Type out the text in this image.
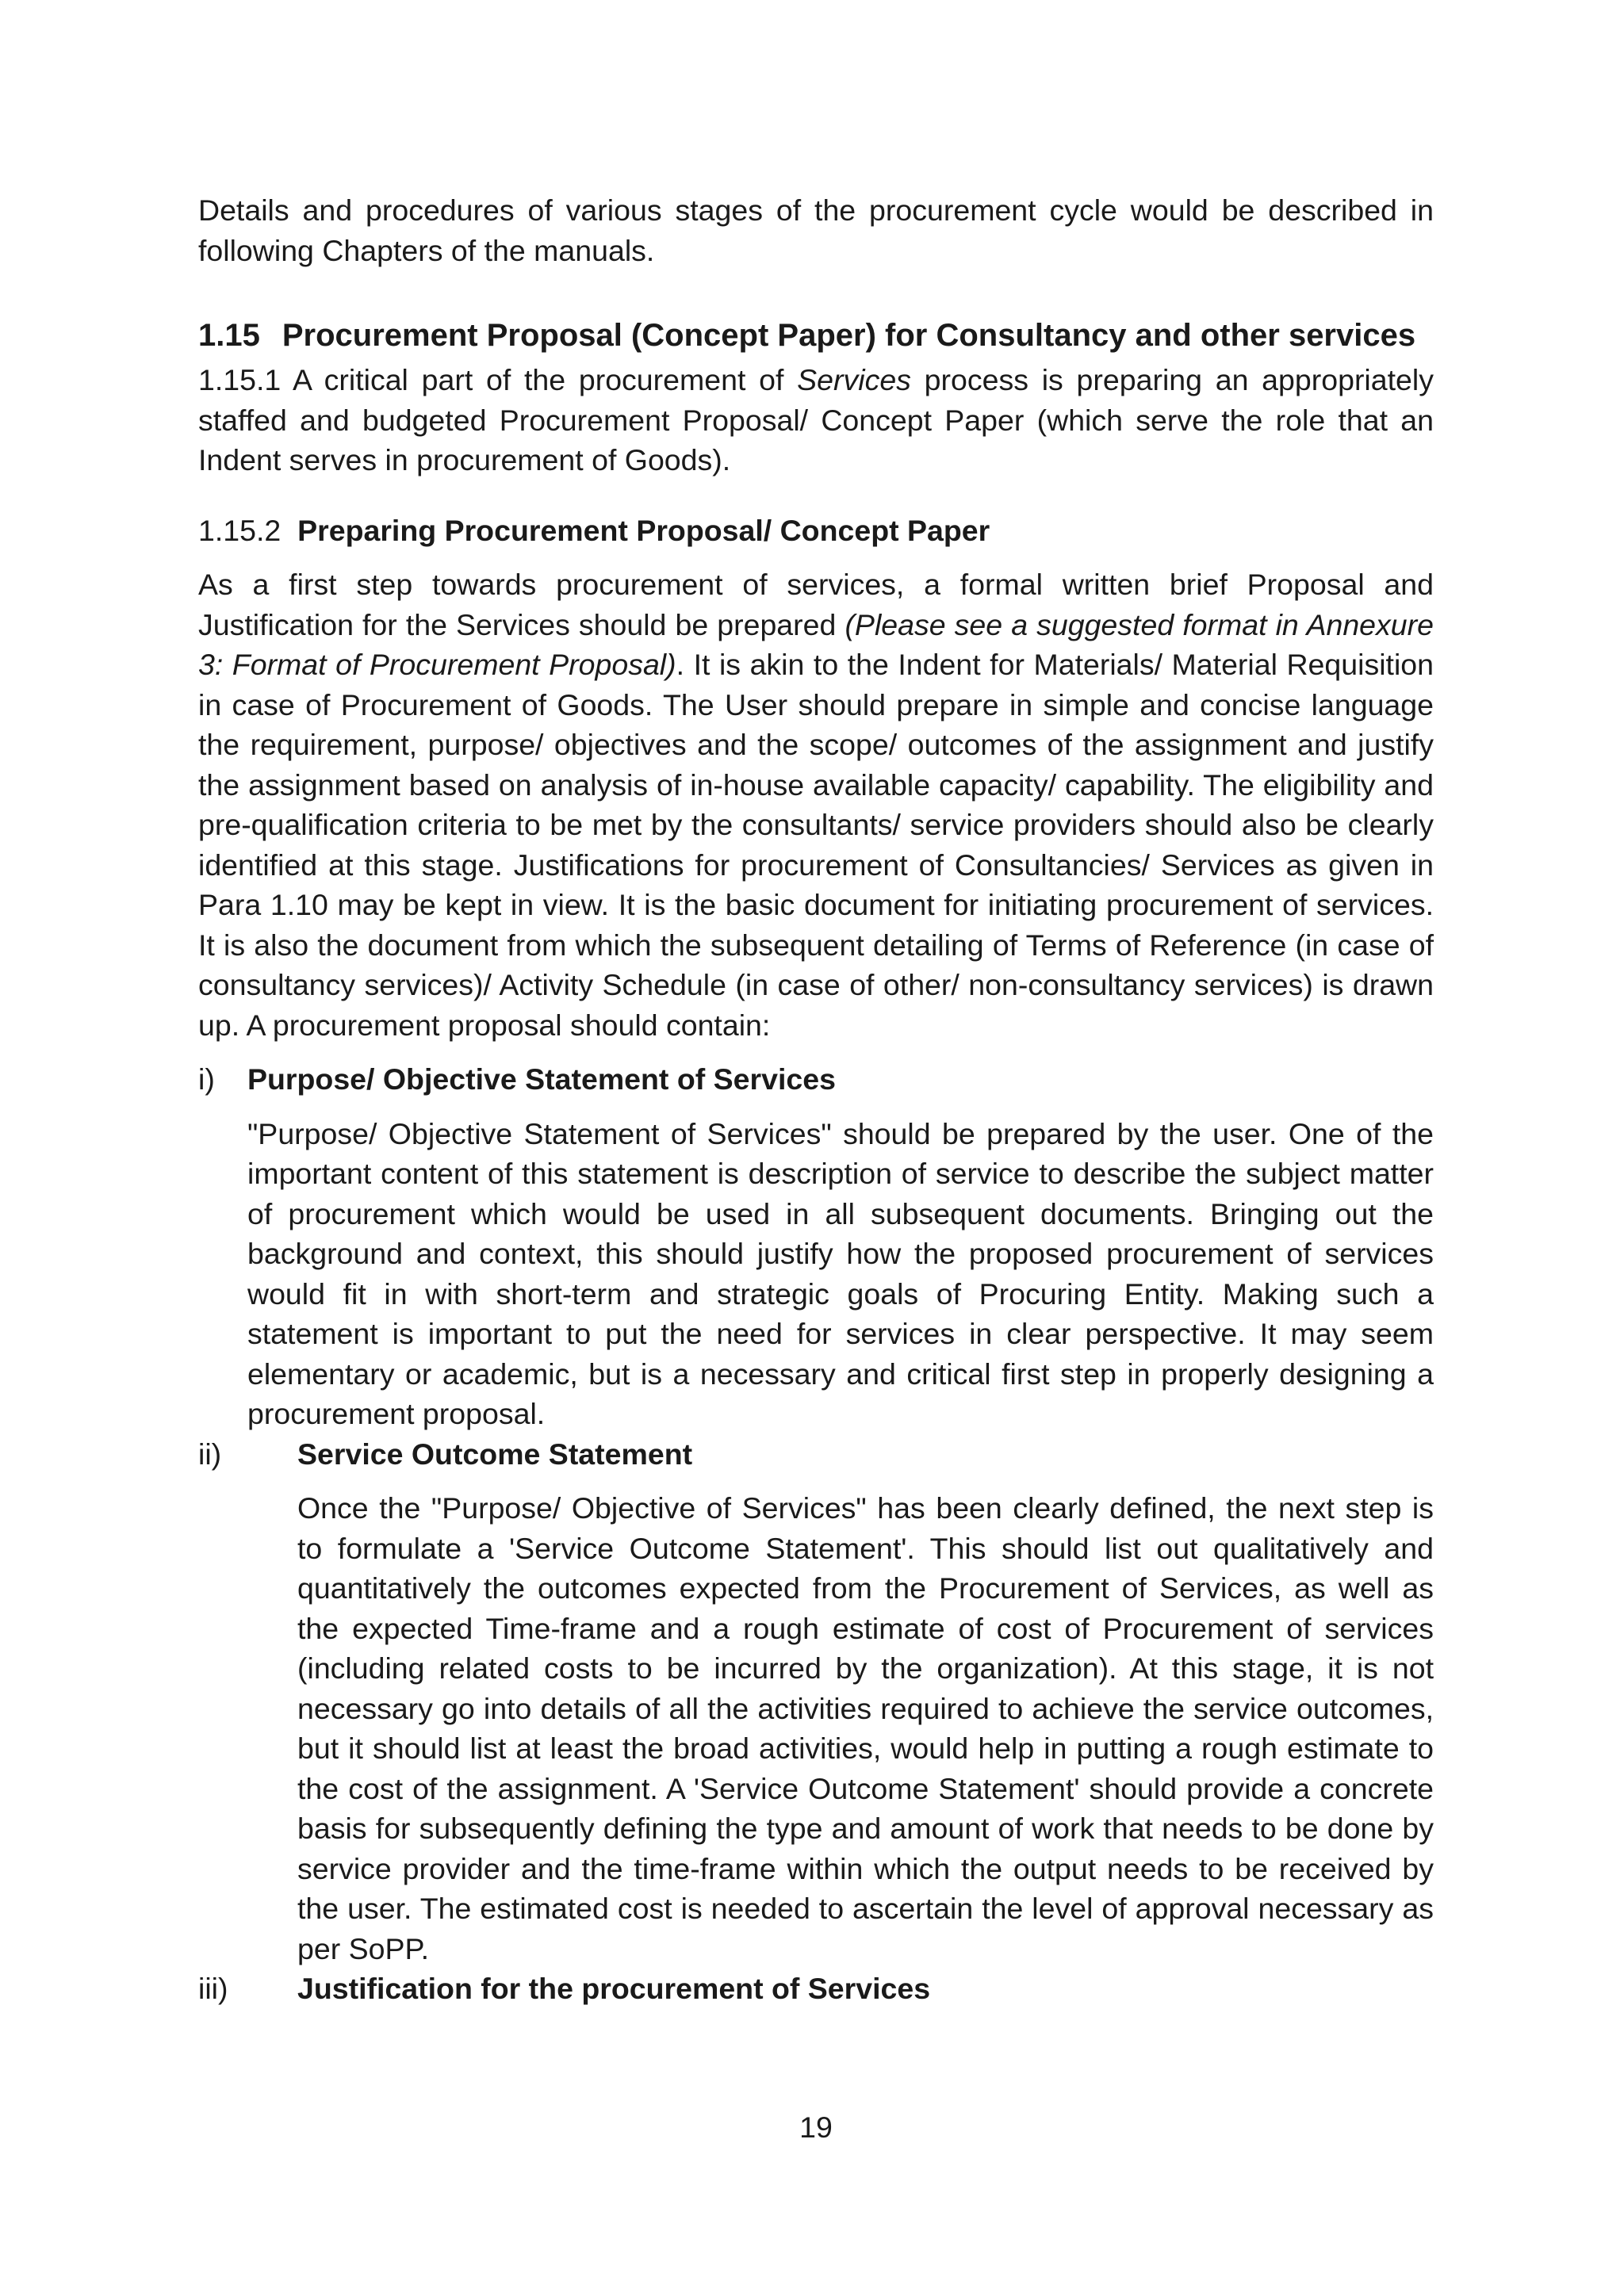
Details and procedures of various stages of the procurement cycle would be described in following Chapters of the manuals.

1.15 Procurement Proposal (Concept Paper) for Consultancy and other services

1.15.1 A critical part of the procurement of Services process is preparing an appropriately staffed and budgeted Procurement Proposal/ Concept Paper (which serve the role that an Indent serves in procurement of Goods).

1.15.2 Preparing Procurement Proposal/ Concept Paper

As a first step towards procurement of services, a formal written brief Proposal and Justification for the Services should be prepared (Please see a suggested format in Annexure 3: Format of Procurement Proposal). It is akin to the Indent for Materials/ Material Requisition in case of Procurement of Goods. The User should prepare in simple and concise language the requirement, purpose/ objectives and the scope/ outcomes of the assignment and justify the assignment based on analysis of in-house available capacity/ capability. The eligibility and pre-qualification criteria to be met by the consultants/ service providers should also be clearly identified at this stage. Justifications for procurement of Consultancies/ Services as given in Para 1.10 may be kept in view. It is the basic document for initiating procurement of services. It is also the document from which the subsequent detailing of Terms of Reference (in case of consultancy services)/ Activity Schedule (in case of other/ non-consultancy services) is drawn up. A procurement proposal should contain:

i) Purpose/ Objective Statement of Services

"Purpose/ Objective Statement of Services" should be prepared by the user. One of the important content of this statement is description of service to describe the subject matter of procurement which would be used in all subsequent documents. Bringing out the background and context, this should justify how the proposed procurement of services would fit in with short-term and strategic goals of Procuring Entity. Making such a statement is important to put the need for services in clear perspective. It may seem elementary or academic, but is a necessary and critical first step in properly designing a procurement proposal.

ii)	Service Outcome Statement

Once the "Purpose/ Objective of Services" has been clearly defined, the next step is to formulate a 'Service Outcome Statement'. This should list out qualitatively and quantitatively the outcomes expected from the Procurement of Services, as well as the expected Time-frame and a rough estimate of cost of Procurement of services (including related costs to be incurred by the organization). At this stage, it is not necessary go into details of all the activities required to achieve the service outcomes, but it should list at least the broad activities, would help in putting a rough estimate to the cost of the assignment. A 'Service Outcome Statement' should provide a concrete basis for subsequently defining the type and amount of work that needs to be done by service provider and the time-frame within which the output needs to be received by the user. The estimated cost is needed to ascertain the level of approval necessary as per SoPP.

iii) Justification for the procurement of Services
19
